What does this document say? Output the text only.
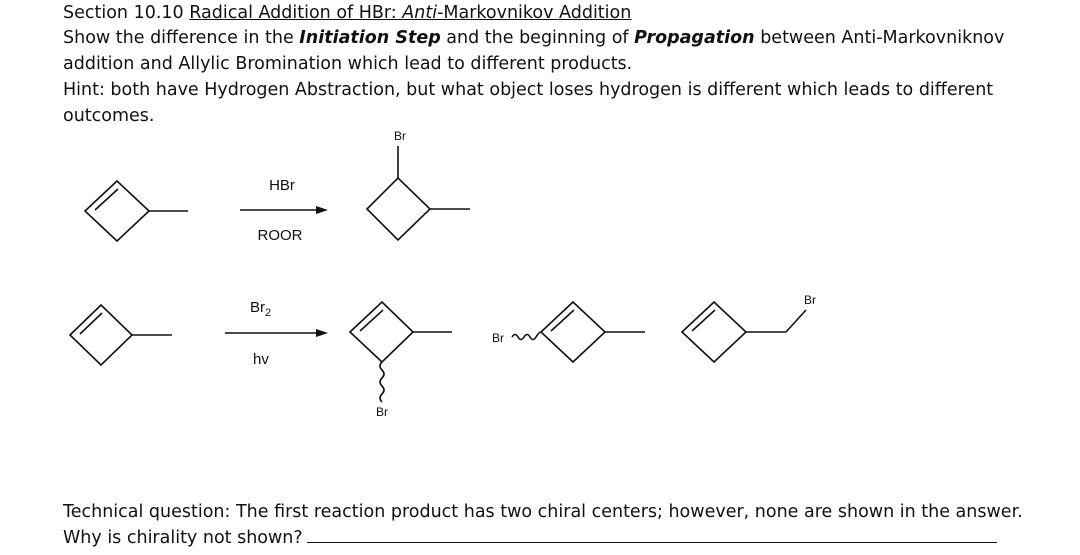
Section 10.10 Radical Addition of HBr: Anti-Markovnikov Addition
Show the difference in the Initiation Step and the beginning of Propagation between Anti-Markovniknov
addition and Allylic Bromination which lead to different products.
Hint: both have Hydrogen Abstraction, but what object loses hydrogen is different which leads to different
outcomes.
HBr
ROOR
Br
$Br_2$
hv
Br
Br
Br
Technical question: The first reaction product has two chiral centers; however, none are shown in the answer.
Why is chirality not shown?
